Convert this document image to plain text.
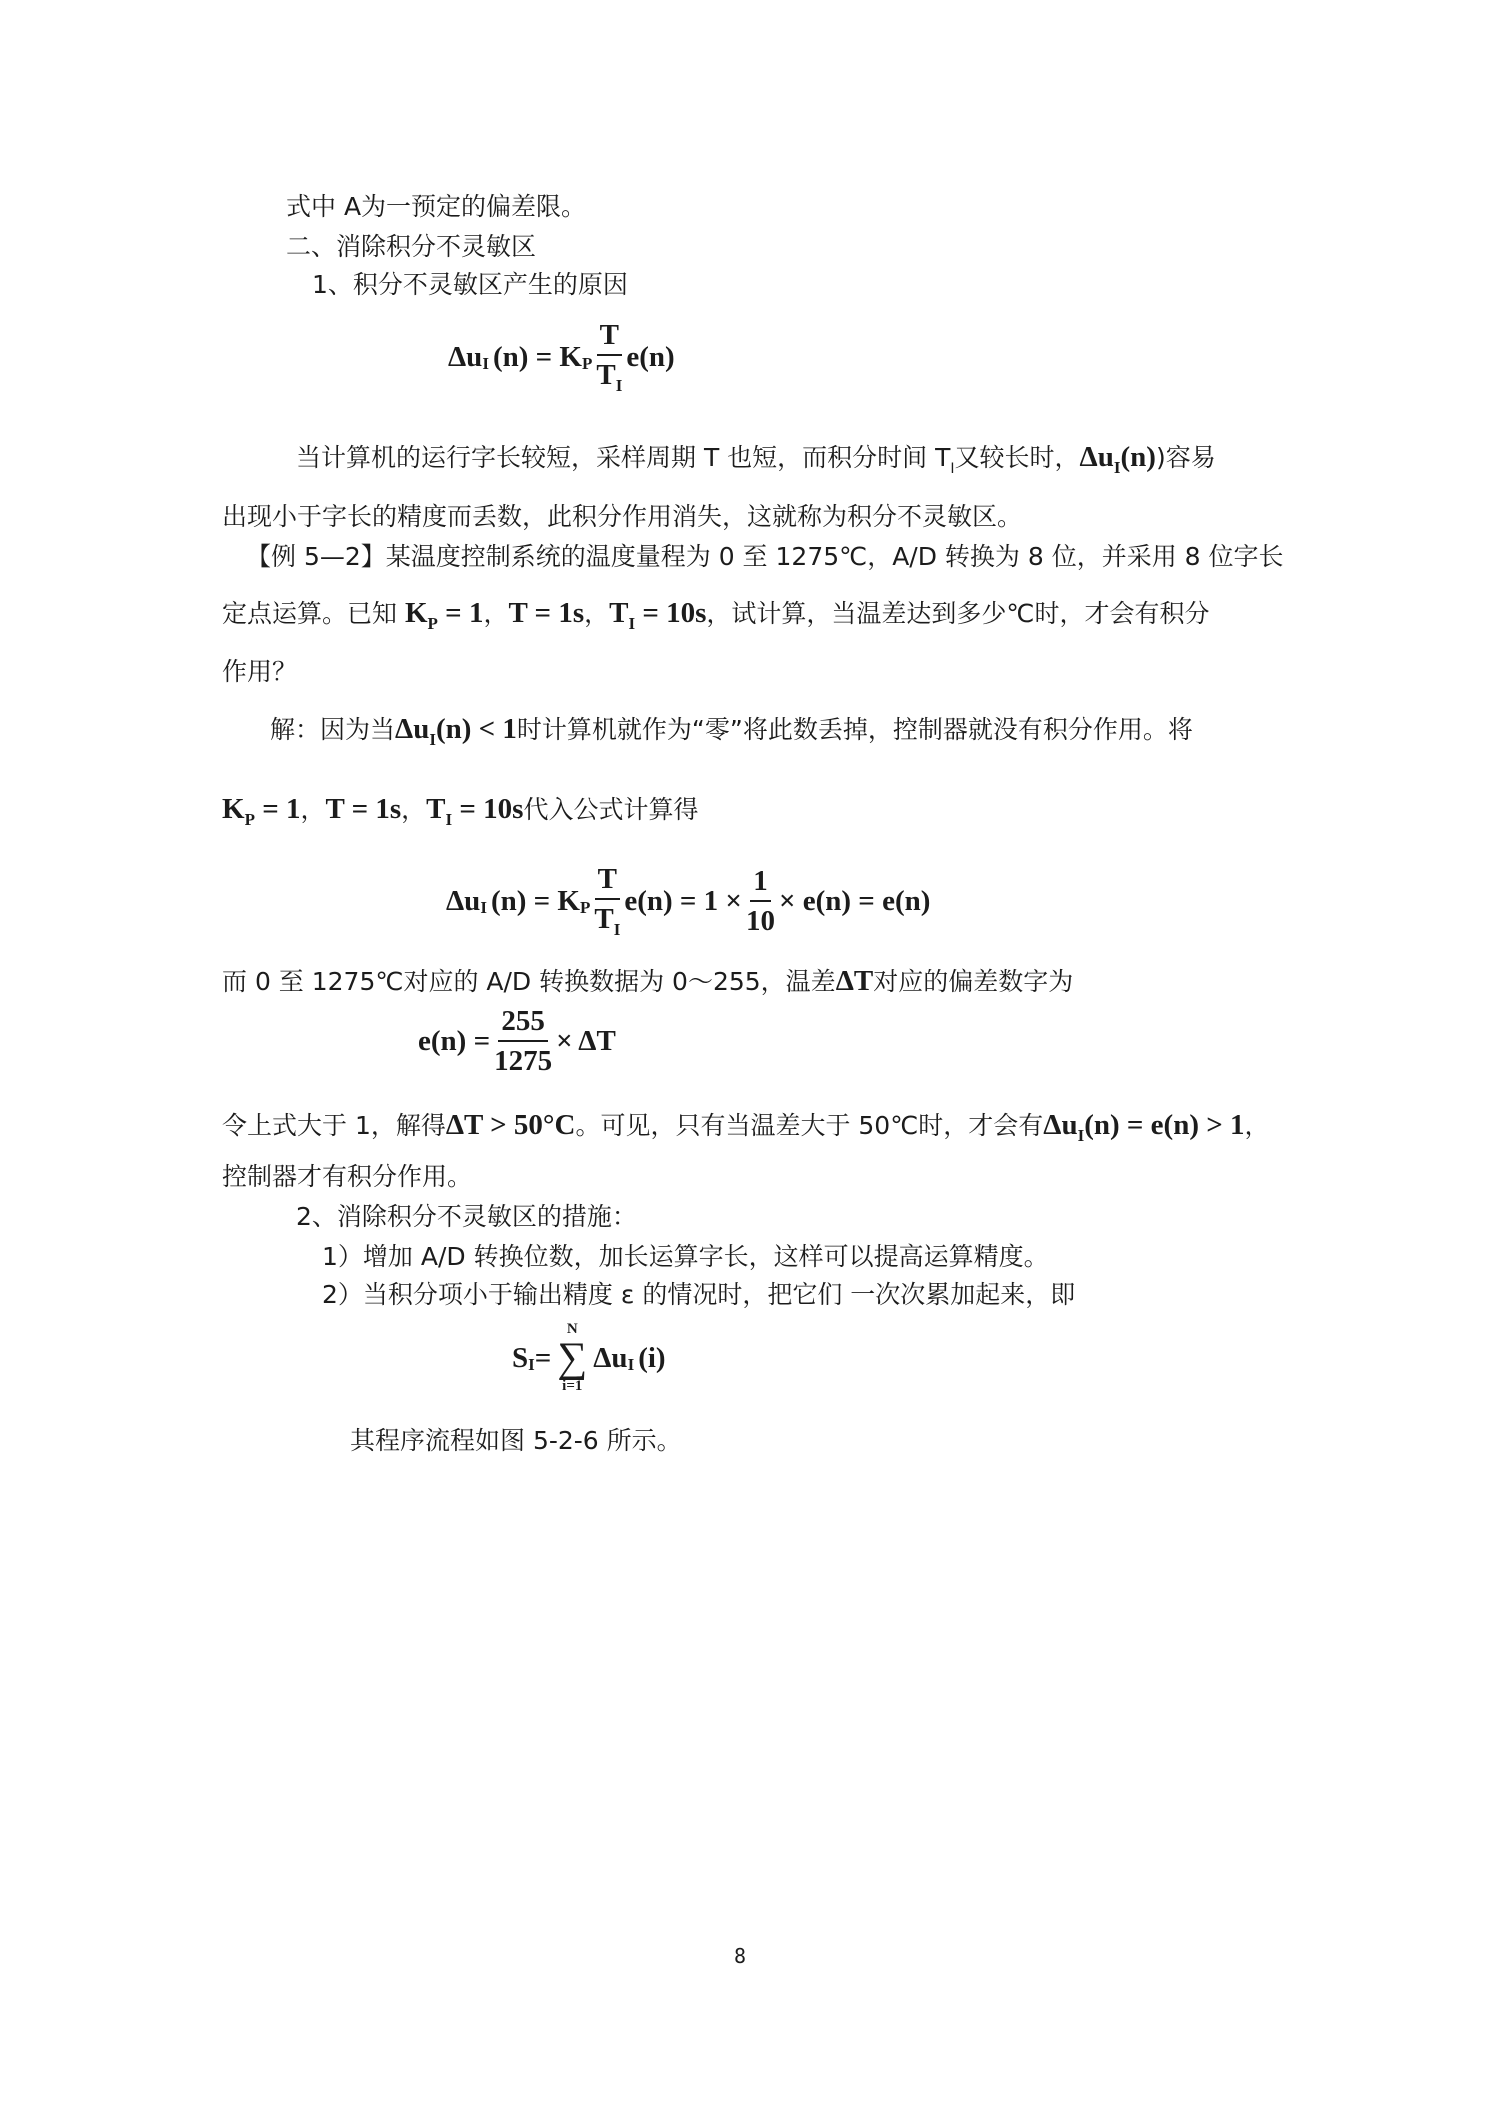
式中 A为一预定的偏差限。
二、消除积分不灵敏区
1、积分不灵敏区产生的原因
Δu I (n) = K P $\frac{T}{T_I} e(n)$
当计算机的运行字长较短，采样周期 T 也短，而积分时间 $T_I$又较长时，$\Delta u_I(n)$)容易
出现小于字长的精度而丢数，此积分作用消失，这就称为积分不灵敏区。
【例 5—2】某温度控制系统的温度量程为 0 至 1275℃，A/D 转换为 8 位，并采用 8 位字长
定点运算。已知 $K_P = 1$，T = 1s，$T_I = 10s$，试计算，当温差达到多少℃时，才会有积分
作用？
解：因为当$\Delta u_I(n) < 1$时计算机就作为“零”将此数丢掉，控制器就没有积分作用。将
$K_P = 1$，T = 1s，$T_I = 10s$代入公式计算得
Δu I (n) = K P $\frac{T}{T_I} e(n) = 1 \times \frac{1}{10} \times e(n) = e(n)$
而 0 至 1275℃对应的 A/D 转换数据为 0～255，温差ΔT对应的偏差数字为
$e(n) = \frac{255}{1275} \times \Delta T$
令上式大于 1，解得ΔT > 50°C。可见，只有当温差大于 50℃时，才会有$\Delta u_I(n) = e(n) > 1$，
控制器才有积分作用。
2、消除积分不灵敏区的措施：
1）增加 A/D 转换位数，加长运算字长，这样可以提高运算精度。
2）当积分项小于输出精度 ε 的情况时，把它们 一次次累加起来，即
S I =
N
∑
i=1
Δu I (i)
其程序流程如图 5-2-6 所示。
8
